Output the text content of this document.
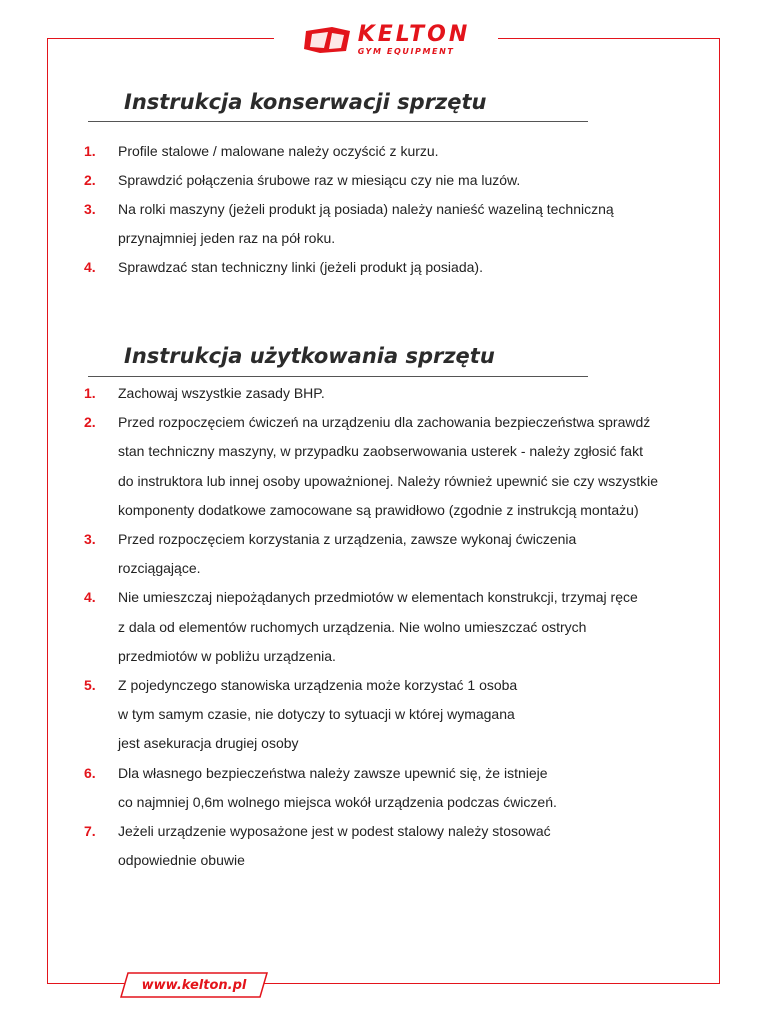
KELTON
GYM EQUIPMENT
Instrukcja konserwacji sprzętu
1. Profile stalowe / malowane należy oczyścić z kurzu.
2. Sprawdzić połączenia śrubowe raz w miesiącu czy nie ma luzów.
3. Na rolki maszyny (jeżeli produkt ją posiada) należy nanieść wazeliną techniczną
przynajmniej jeden raz na pół roku.
4. Sprawdzać stan techniczny linki (jeżeli produkt ją posiada).
Instrukcja użytkowania sprzętu
1. Zachowaj wszystkie zasady BHP.
2. Przed rozpoczęciem ćwiczeń na urządzeniu dla zachowania bezpieczeństwa sprawdź
stan techniczny maszyny, w przypadku zaobserwowania usterek - należy zgłosić fakt
do instruktora lub innej osoby upoważnionej. Należy również upewnić sie czy wszystkie
komponenty dodatkowe zamocowane są prawidłowo (zgodnie z instrukcją montażu)
3. Przed rozpoczęciem korzystania z urządzenia, zawsze wykonaj ćwiczenia
rozciągające.
4. Nie umieszczaj niepożądanych przedmiotów w elementach konstrukcji, trzymaj ręce
z dala od elementów ruchomych urządzenia. Nie wolno umieszczać ostrych
przedmiotów w pobliżu urządzenia.
5. Z pojedynczego stanowiska urządzenia może korzystać 1 osoba
w tym samym czasie, nie dotyczy to sytuacji w której wymagana
jest asekuracja drugiej osoby
6. Dla własnego bezpieczeństwa należy zawsze upewnić się, że istnieje
co najmniej 0,6m wolnego miejsca wokół urządzenia podczas ćwiczeń.
7. Jeżeli urządzenie wyposażone jest w podest stalowy należy stosować
odpowiednie obuwie
www.kelton.pl
